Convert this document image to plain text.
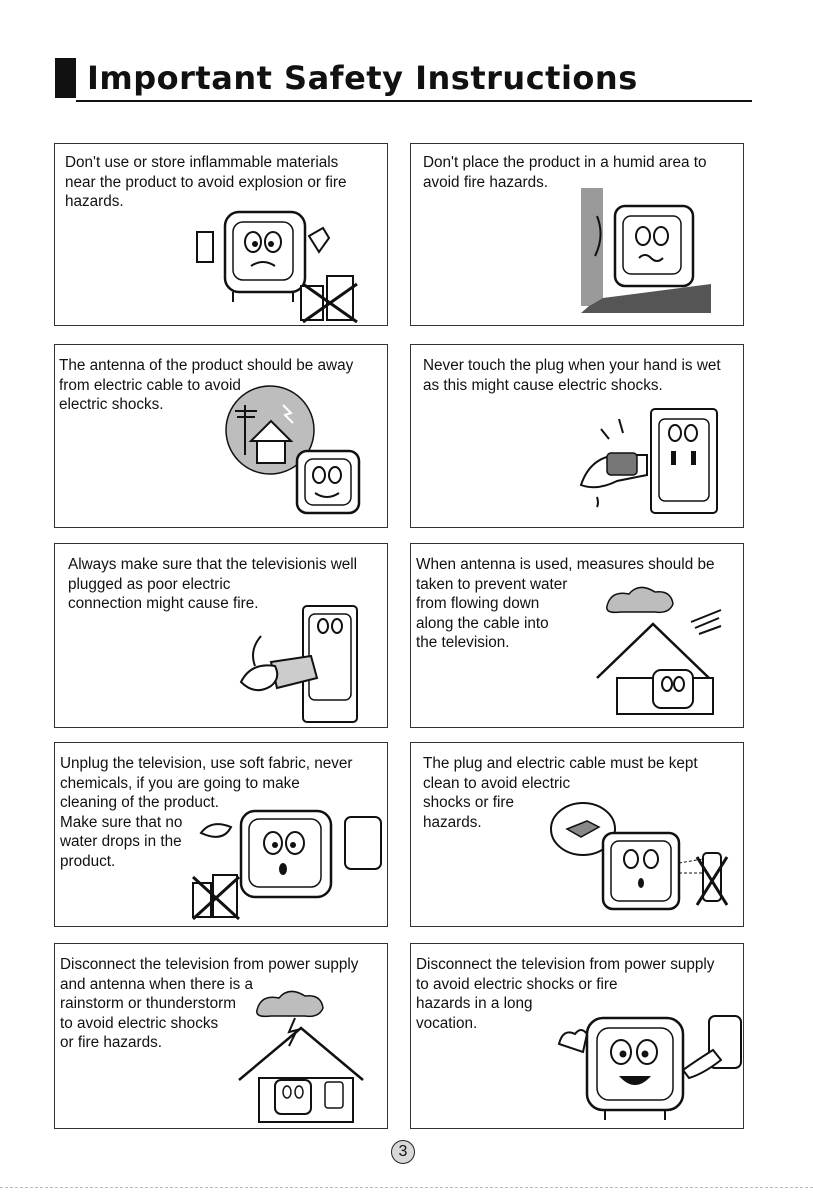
Important Safety Instructions
Don't use or store inflammable materials
near the product to avoid explosion or fire
hazards.
Don't place the product in a humid area to
avoid fire hazards.
The antenna of the product should be away
from electric cable to avoid
electric shocks.
Never touch the plug when your hand is wet
as this might cause electric shocks.
Always make sure that the televisionis well
plugged as poor electric
connection might cause fire.
When antenna is used, measures should be
taken to prevent water
from flowing down
along the cable into
the television.
Unplug the television, use soft fabric, never
chemicals, if you are going to make
cleaning of the product.
Make sure that no
water drops in the
product.
The plug and electric cable must be kept
clean to avoid electric
shocks or fire
hazards.
Disconnect the television from power supply
and antenna when there is a
rainstorm or thunderstorm
to avoid electric shocks
or fire hazards.
Disconnect the television from power supply
to avoid electric shocks or fire
hazards in a long
vocation.
3
